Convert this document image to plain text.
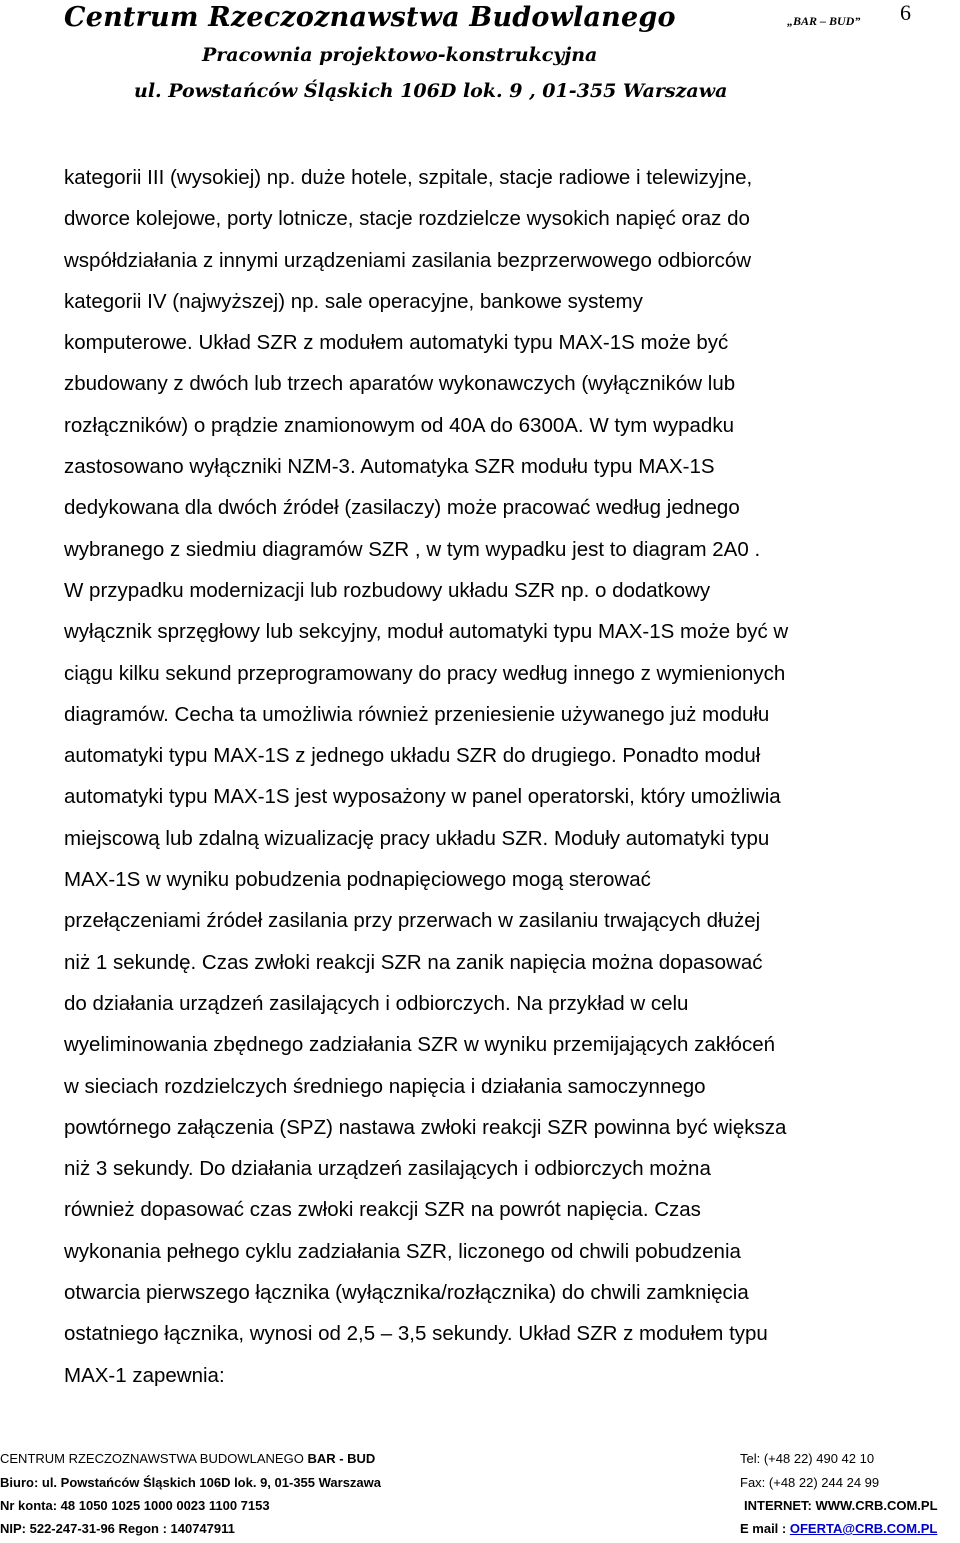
Centrum Rzeczoznawstwa Budowlanego	„BAR – BUD” 6
Pracownia projektowo-konstrukcyjna
ul. Powstańców Śląskich 106D lok. 9 , 01-355 Warszawa
kategorii III (wysokiej) np. duże hotele, szpitale, stacje radiowe i telewizyjne,
dworce kolejowe, porty lotnicze, stacje rozdzielcze wysokich napięć oraz do
współdziałania z innymi urządzeniami zasilania bezprzerwowego odbiorców
kategorii IV (najwyższej) np. sale operacyjne, bankowe systemy
komputerowe. Układ SZR z modułem automatyki typu MAX-1S może być
zbudowany z dwóch lub trzech aparatów wykonawczych (wyłączników lub
rozłączników) o prądzie znamionowym od 40A do 6300A. W tym wypadku
zastosowano wyłączniki NZM-3. Automatyka SZR modułu typu MAX-1S
dedykowana dla dwóch źródeł (zasilaczy) może pracować według jednego
wybranego z siedmiu diagramów SZR , w tym wypadku jest to diagram 2A0 .
W przypadku modernizacji lub rozbudowy układu SZR np. o dodatkowy
wyłącznik sprzęgłowy lub sekcyjny, moduł automatyki typu MAX-1S może być w
ciągu kilku sekund przeprogramowany do pracy według innego z wymienionych
diagramów. Cecha ta umożliwia również przeniesienie używanego już modułu
automatyki typu MAX-1S z jednego układu SZR do drugiego. Ponadto moduł
automatyki typu MAX-1S jest wyposażony w panel operatorski, który umożliwia
miejscową lub zdalną wizualizację pracy układu SZR. Moduły automatyki typu
MAX-1S w wyniku pobudzenia podnapięciowego mogą sterować
przełączeniami źródeł zasilania przy przerwach w zasilaniu trwających dłużej
niż 1 sekundę. Czas zwłoki reakcji SZR na zanik napięcia można dopasować
do działania urządzeń zasilających i odbiorczych. Na przykład w celu
wyeliminowania zbędnego zadziałania SZR w wyniku przemijających zakłóceń
w sieciach rozdzielczych średniego napięcia i działania samoczynnego
powtórnego załączenia (SPZ) nastawa zwłoki reakcji SZR powinna być większa
niż 3 sekundy. Do działania urządzeń zasilających i odbiorczych można
również dopasować czas zwłoki reakcji SZR na powrót napięcia. Czas
wykonania pełnego cyklu zadziałania SZR, liczonego od chwili pobudzenia
otwarcia pierwszego łącznika (wyłącznika/rozłącznika) do chwili zamknięcia
ostatniego łącznika, wynosi od 2,5 – 3,5 sekundy. Układ SZR z modułem typu
MAX-1 zapewnia:
CENTRUM RZECZOZNAWSTWA BUDOWLANEGO BAR - BUD	Tel: (+48 22) 490 42 10
Biuro: ul. Powstańców Śląskich 106D lok. 9, 01-355 Warszawa	Fax: (+48 22) 244 24 99
Nr konta: 48 1050 1025 1000 0023 1100 7153	INTERNET: WWW.CRB.COM.PL
NIP: 522-247-31-96 Regon : 140747911	E mail : OFERTA@CRB.COM.PL
